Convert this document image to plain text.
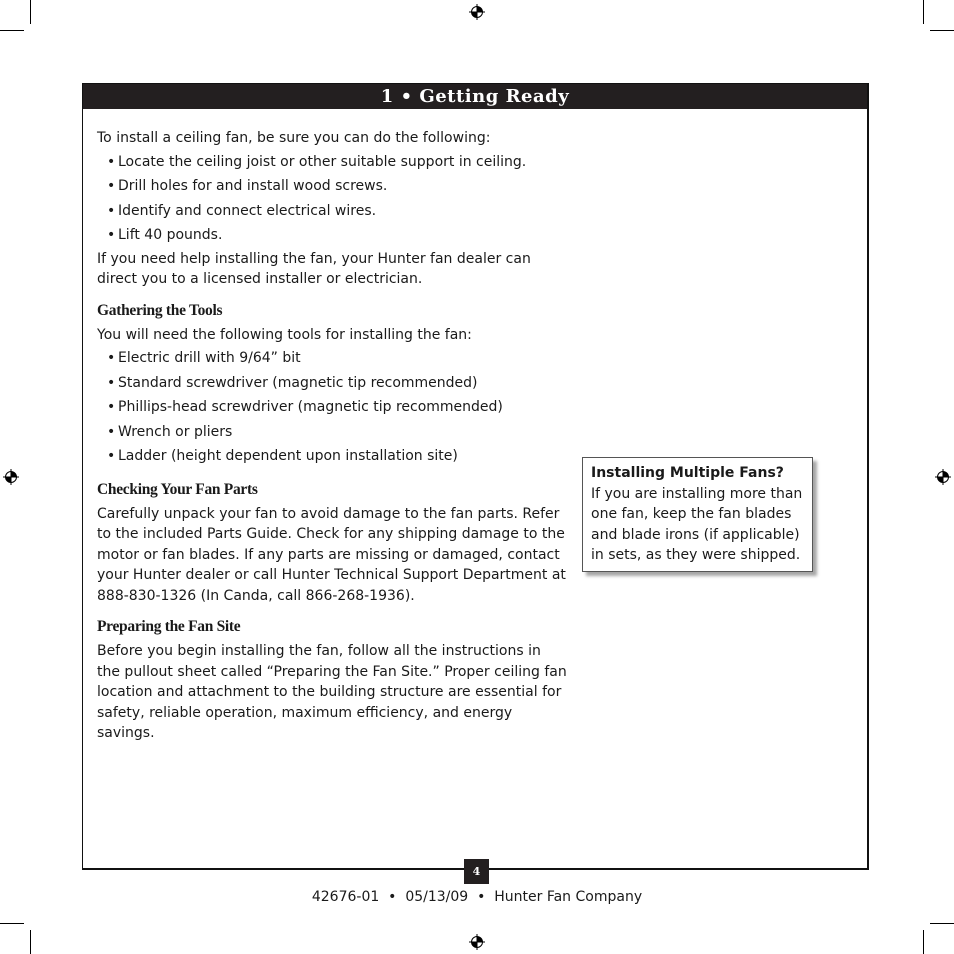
1 • Getting Ready

To install a ceiling fan, be sure you can do the following:

• Locate the ceiling joist or other suitable support in ceiling.
• Drill holes for and install wood screws.
• Identify and connect electrical wires.
• Lift 40 pounds.

If you need help installing the fan, your Hunter fan dealer can direct you to a licensed installer or electrician.

Gathering the Tools

You will need the following tools for installing the fan:

• Electric drill with 9/64” bit
• Standard screwdriver (magnetic tip recommended)
• Phillips-head screwdriver (magnetic tip recommended)
• Wrench or pliers
• Ladder (height dependent upon installation site)
Checking Your Fan Parts

Carefully unpack your fan to avoid damage to the fan parts. Refer to the included Parts Guide. Check for any shipping damage to the motor or fan blades. If any parts are missing or damaged, contact your Hunter dealer or call Hunter Technical Support Department at 888-830-1326 (In Canda, call 866-268-1936).

Preparing the Fan Site

Before you begin installing the fan, follow all the instructions in the pullout sheet called “Preparing the Fan Site.” Proper ceiling fan location and attachment to the building structure are essential for safety, reliable operation, maximum efficiency, and energy savings.

Installing Multiple Fans?
If you are installing more than one fan, keep the fan blades and blade irons (if applicable) in sets, as they were shipped.
4
42676-01  •  05/13/09  •  Hunter Fan Company
